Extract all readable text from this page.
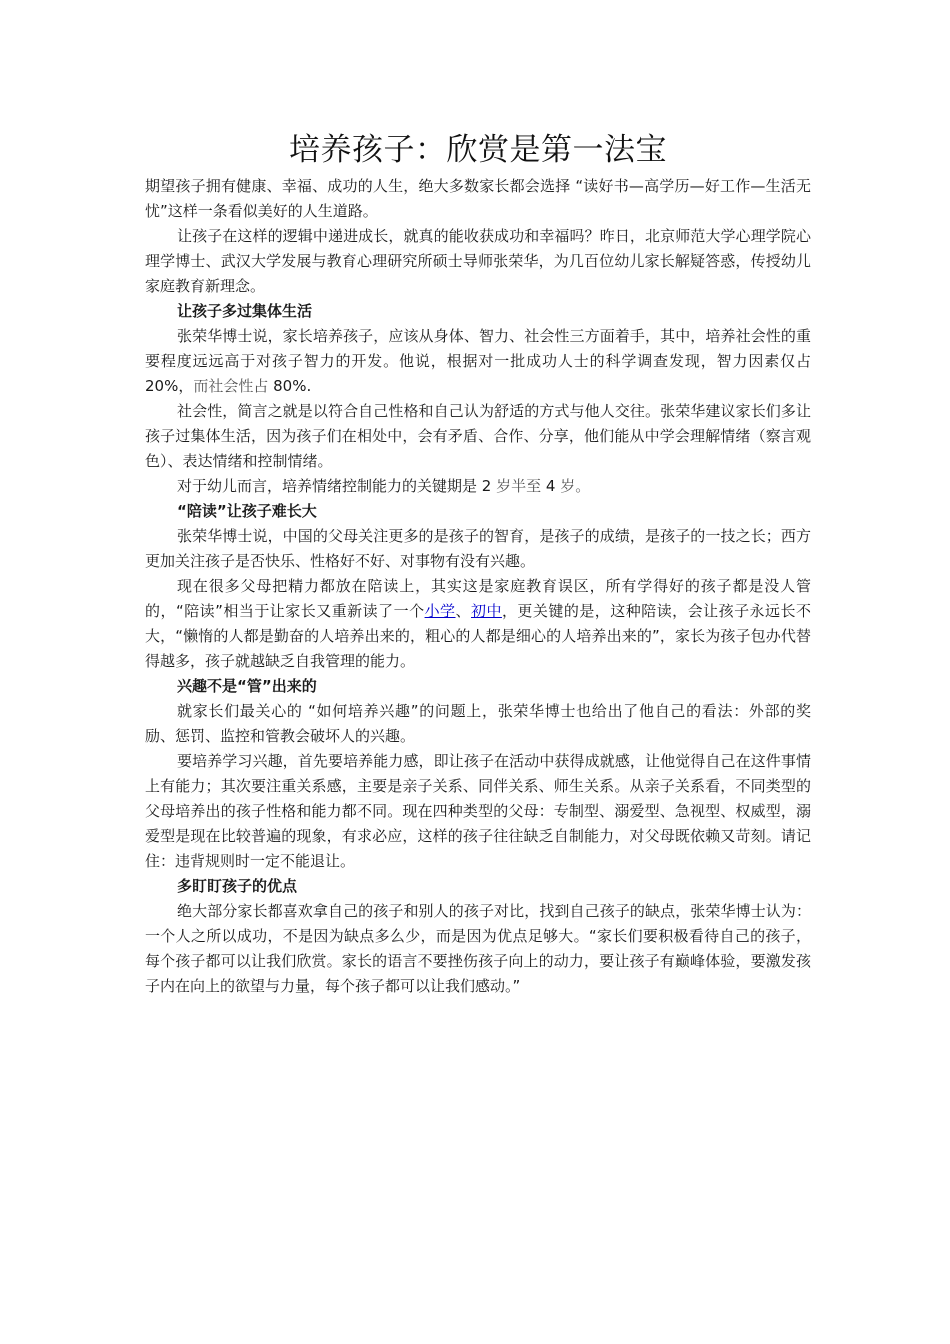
培养孩子：欣赏是第一法宝

期望孩子拥有健康、幸福、成功的人生，绝大多数家长都会选择 “读好书—高学历—好工作—生活无忧”这样一条看似美好的人生道路。

让孩子在这样的逻辑中递进成长，就真的能收获成功和幸福吗？昨日，北京师范大学心理学院心理学博士、武汉大学发展与教育心理研究所硕士导师张荣华，为几百位幼儿家长解疑答惑，传授幼儿家庭教育新理念。

让孩子多过集体生活

张荣华博士说，家长培养孩子，应该从身体、智力、社会性三方面着手，其中，培养社会性的重要程度远远高于对孩子智力的开发。他说，根据对一批成功人士的科学调查发现，智力因素仅占 20%，而社会性占 80%.

社会性，简言之就是以符合自己性格和自己认为舒适的方式与他人交往。张荣华建议家长们多让孩子过集体生活，因为孩子们在相处中，会有矛盾、合作、分享，他们能从中学会理解情绪（察言观色）、表达情绪和控制情绪。

对于幼儿而言，培养情绪控制能力的关键期是 2 岁半至 4 岁。

“陪读”让孩子难长大

张荣华博士说，中国的父母关注更多的是孩子的智育，是孩子的成绩，是孩子的一技之长；西方更加关注孩子是否快乐、性格好不好、对事物有没有兴趣。

现在很多父母把精力都放在陪读上，其实这是家庭教育误区，所有学得好的孩子都是没人管的，“陪读”相当于让家长又重新读了一个小学、初中，更关键的是，这种陪读，会让孩子永远长不大，“懒惰的人都是勤奋的人培养出来的，粗心的人都是细心的人培养出来的”，家长为孩子包办代替得越多，孩子就越缺乏自我管理的能力。

兴趣不是“管”出来的

就家长们最关心的 “如何培养兴趣”的问题上，张荣华博士也给出了他自己的看法：外部的奖励、惩罚、监控和管教会破坏人的兴趣。

要培养学习兴趣，首先要培养能力感，即让孩子在活动中获得成就感，让他觉得自己在这件事情上有能力；其次要注重关系感，主要是亲子关系、同伴关系、师生关系。从亲子关系看，不同类型的父母培养出的孩子性格和能力都不同。现在四种类型的父母：专制型、溺爱型、急视型、权威型，溺爱型是现在比较普遍的现象，有求必应，这样的孩子往往缺乏自制能力，对父母既依赖又苛刻。请记住：违背规则时一定不能退让。

多盯盯孩子的优点

绝大部分家长都喜欢拿自己的孩子和别人的孩子对比，找到自己孩子的缺点，张荣华博士认为：一个人之所以成功，不是因为缺点多么少，而是因为优点足够大。“家长们要积极看待自己的孩子，每个孩子都可以让我们欣赏。家长的语言不要挫伤孩子向上的动力，要让孩子有巅峰体验，要激发孩子内在向上的欲望与力量，每个孩子都可以让我们感动。”
